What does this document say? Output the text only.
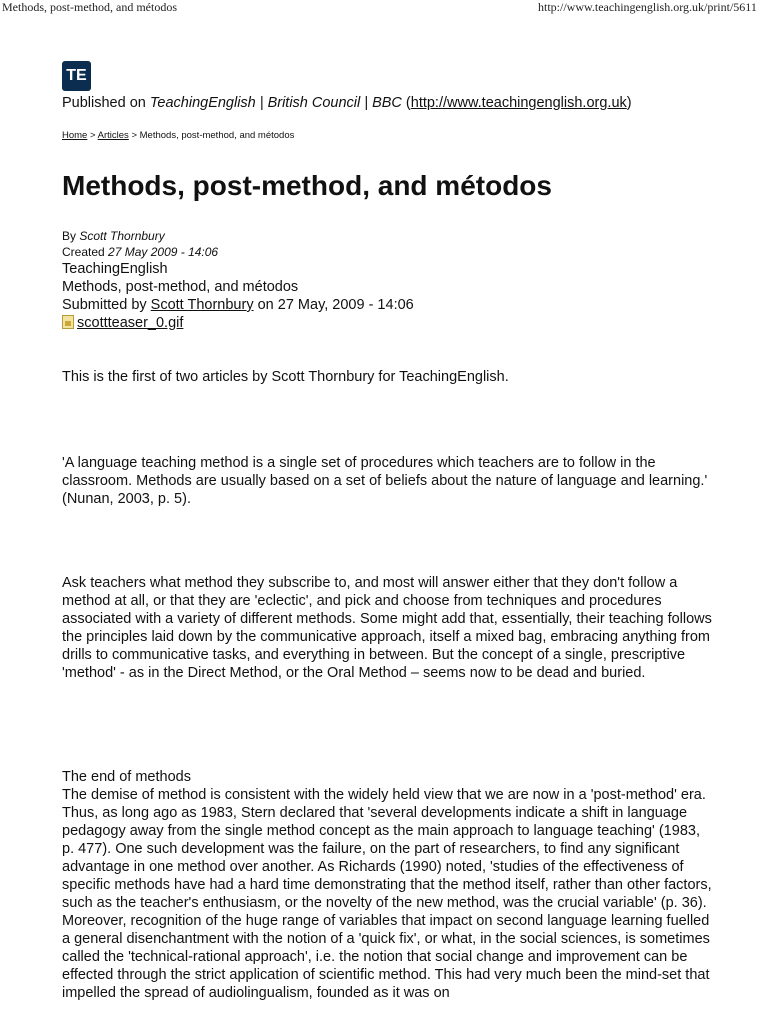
Methods, post-method, and métodos	http://www.teachingenglish.org.uk/print/5611
TE
Published on TeachingEnglish | British Council | BBC (http://www.teachingenglish.org.uk)
Home > Articles > Methods, post-method, and métodos
Methods, post-method, and métodos
By Scott Thornbury
Created 27 May 2009 - 14:06
TeachingEnglish
Methods, post-method, and métodos
Submitted by Scott Thornbury on 27 May, 2009 - 14:06
scottteaser_0.gif

This is the first of two articles by Scott Thornbury for TeachingEnglish.

'A language teaching method is a single set of procedures which teachers are to follow in the classroom. Methods are usually based on a set of beliefs about the nature of language and learning.' (Nunan, 2003, p. 5).

Ask teachers what method they subscribe to, and most will answer either that they don't follow a method at all, or that they are 'eclectic', and pick and choose from techniques and procedures associated with a variety of different methods. Some might add that, essentially, their teaching follows the principles laid down by the communicative approach, itself a mixed bag, embracing anything from drills to communicative tasks, and everything in between. But the concept of a single, prescriptive 'method' - as in the Direct Method, or the Oral Method – seems now to be dead and buried.

The end of methods

The demise of method is consistent with the widely held view that we are now in a 'post-method' era. Thus, as long ago as 1983, Stern declared that 'several developments indicate a shift in language pedagogy away from the single method concept as the main approach to language teaching' (1983, p. 477). One such development was the failure, on the part of researchers, to find any significant advantage in one method over another. As Richards (1990) noted, 'studies of the effectiveness of specific methods have had a hard time demonstrating that the method itself, rather than other factors, such as the teacher's enthusiasm, or the novelty of the new method, was the crucial variable' (p. 36). Moreover, recognition of the huge range of variables that impact on second language learning fuelled a general disenchantment with the notion of a 'quick fix', or what, in the social sciences, is sometimes called the 'technical-rational approach', i.e. the notion that social change and improvement can be effected through the strict application of scientific method. This had very much been the mind-set that impelled the spread of audiolingualism, founded as it was on
